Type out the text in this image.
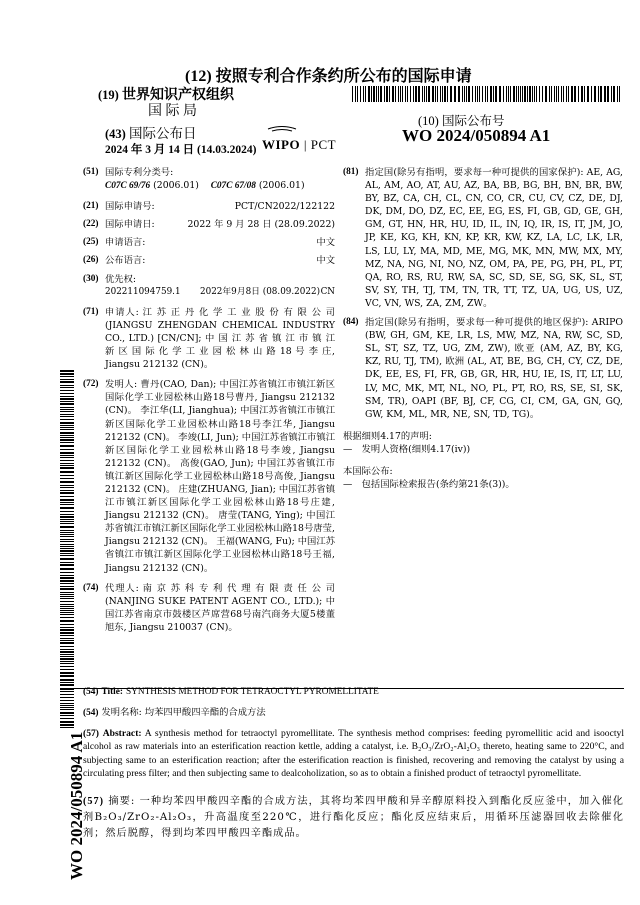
(12) 按照专利合作条约所公布的国际申请
(19) 世界知识产权组织
国 际 局
(43) 国际公布日
2024 年 3 月 14 日 (14.03.2024) WIPO | PCT
(10) 国际公布号
WO 2024/050894 A1
WO 2024/050894 A1
(51) 国际专利分类号:
C07C 69/76 (2006.01) C07C 67/08 (2006.01)
(21) 国际申请号:	PCT/CN2022/122122
(22) 国际申请日:	2022 年 9 月 28 日 (28.09.2022)
(25) 申请语言:	中文
(26) 公布语言:	中文
(30) 优先权:
202211094759.1 2022年9月8日 (08.09.2022) CN
(71) 申请人: 江 苏 正 丹 化 学 工 业 股 份 有 限 公 司 (JIANGSU ZHENGDAN CHEMICAL INDUSTRY CO., LTD.) [CN/CN]; 中 国 江 苏 省 镇 江 市 镇 江 新 区 国 际 化 学 工 业 园 松 林 山 路 18 号 李 庄, Jiangsu 212132 (CN)。
(72) 发明人: 曹丹(CAO, Dan); 中国江苏省镇江市镇江新区国际化学工业园松林山路18号曹丹, Jiangsu 212132 (CN)。 李江华(LI, Jianghua); 中国江苏省镇江市镇江新区国际化学工业园松林山路18号李江华, Jiangsu 212132 (CN)。 李竣(LI, Jun); 中国江苏省镇江市镇江新区国际化学工业园松林山路18号李竣, Jiangsu 212132 (CN)。 高俊(GAO, Jun); 中国江苏省镇江市镇江新区国际化学工业园松林山路18号高俊, Jiangsu 212132 (CN)。 庄建(ZHUANG, Jian); 中国江苏省镇江市镇江新区国际化学工业园松林山路18号庄建, Jiangsu 212132 (CN)。 唐莹(TANG, Ying); 中国江苏省镇江市镇江新区国际化学工业园松林山路18号唐莹, Jiangsu 212132 (CN)。 王福(WANG, Fu); 中国江苏省镇江市镇江新区国际化学工业园松林山路18号王福, Jiangsu 212132 (CN)。
(74) 代理人: 南 京 苏 科 专 利 代 理 有 限 责 任 公 司 (NANJING SUKE PATENT AGENT CO., LTD.); 中国江苏省南京市鼓楼区芦席营68号南汽商务大厦5楼董旭东, Jiangsu 210037 (CN)。
(81) 指定国(除另有指明，要求每一种可提供的国家保护): AE, AG, AL, AM, AO, AT, AU, AZ, BA, BB, BG, BH, BN, BR, BW, BY, BZ, CA, CH, CL, CN, CO, CR, CU, CV, CZ, DE, DJ, DK, DM, DO, DZ, EC, EE, EG, ES, FI, GB, GD, GE, GH, GM, GT, HN, HR, HU, ID, IL, IN, IQ, IR, IS, IT, JM, JO, JP, KE, KG, KH, KN, KP, KR, KW, KZ, LA, LC, LK, LR, LS, LU, LY, MA, MD, ME, MG, MK, MN, MW, MX, MY, MZ, NA, NG, NI, NO, NZ, OM, PA, PE, PG, PH, PL, PT, QA, RO, RS, RU, RW, SA, SC, SD, SE, SG, SK, SL, ST, SV, SY, TH, TJ, TM, TN, TR, TT, TZ, UA, UG, US, UZ, VC, VN, WS, ZA, ZM, ZW。
(84) 指定国(除另有指明，要求每一种可提供的地区保护): ARIPO (BW, GH, GM, KE, LR, LS, MW, MZ, NA, RW, SC, SD, SL, ST, SZ, TZ, UG, ZM, ZW), 欧亚 (AM, AZ, BY, KG, KZ, RU, TJ, TM), 欧洲 (AL, AT, BE, BG, CH, CY, CZ, DE, DK, EE, ES, FI, FR, GB, GR, HR, HU, IE, IS, IT, LT, LU, LV, MC, MK, MT, NL, NO, PL, PT, RO, RS, SE, SI, SK, SM, TR), OAPI (BF, BJ, CF, CG, CI, CM, GA, GN, GQ, GW, KM, ML, MR, NE, SN, TD, TG)。
根据细则4.17的声明:
—　发明人资格(细则4.17(iv))
本国际公布:
—　包括国际检索报告(条约第21条(3))。
(54) Title: SYNTHESIS METHOD FOR TETRAOCTYL PYROMELLITATE
(54) 发明名称: 均苯四甲酸四辛酯的合成方法
(57) Abstract: A synthesis method for tetraoctyl pyromellitate. The synthesis method comprises: feeding pyromellitic acid and isooctyl alcohol as raw materials into an esterification reaction kettle, adding a catalyst, i.e. B₂O₃/ZrO₂-Al₂O₃ thereto, heating same to 220°C, and subjecting same to an esterification reaction; after the esterification reaction is finished, recovering and removing the catalyst by using a circulating press filter; and then subjecting same to dealcoholization, so as to obtain a finished product of tetraoctyl pyromellitate.
(57) 摘要: 一种均苯四甲酸四辛酯的合成方法，其将均苯四甲酸和异辛醇原料投入到酯化反应釜中，加入催化剂B₂O₃/ZrO₂-Al₂O₃，升高温度至220℃，进行酯化反应；酯化反应结束后，用循环压滤器回收去除催化剂；然后脱醇，得到均苯四甲酸四辛酯成品。
